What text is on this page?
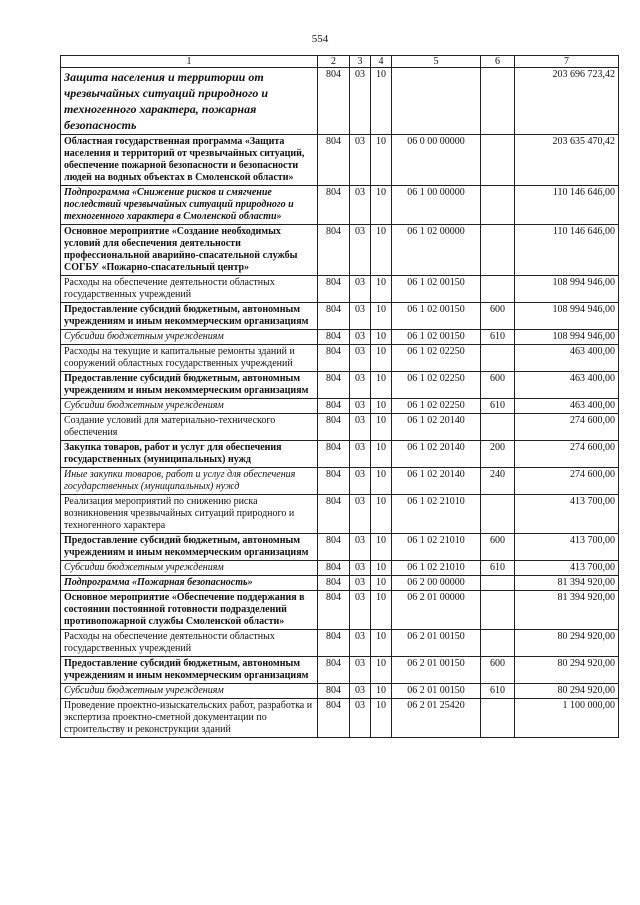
554
1	2	3	4	5	6	7
Защита населения и территории от чрезвычайных ситуаций природного и техногенного характера, пожарная безопасность	804	03	10			203 696 723,42
Областная государственная программа «Защита населения и территорий от чрезвычайных ситуаций, обеспечение пожарной безопасности и безопасности людей на водных объектах в Смоленской области»	804	03	10	06 0 00 00000		203 635 470,42
Подпрограмма «Снижение рисков и смягчение последствий чрезвычайных ситуаций природного и техногенного характера в Смоленской области»	804	03	10	06 1 00 00000		110 146 646,00
Основное мероприятие «Создание необходимых условий для обеспечения деятельности профессиональной аварийно-спасательной службы СОГБУ «Пожарно-спасательный центр»	804	03	10	06 1 02 00000		110 146 646,00
Расходы на обеспечение деятельности областных государственных учреждений	804	03	10	06 1 02 00150		108 994 946,00
Предоставление субсидий бюджетным, автономным учреждениям и иным некоммерческим организациям	804	03	10	06 1 02 00150	600	108 994 946,00
Субсидии бюджетным учреждениям	804	03	10	06 1 02 00150	610	108 994 946,00
Расходы на текущие и капитальные ремонты зданий и сооружений областных государственных учреждений	804	03	10	06 1 02 02250		463 400,00
Предоставление субсидий бюджетным, автономным учреждениям и иным некоммерческим организациям	804	03	10	06 1 02 02250	600	463 400,00
Субсидии бюджетным учреждениям	804	03	10	06 1 02 02250	610	463 400,00
Создание условий для материально-технического обеспечения	804	03	10	06 1 02 20140		274 600,00
Закупка товаров, работ и услуг для обеспечения государственных (муниципальных) нужд	804	03	10	06 1 02 20140	200	274 600,00
Иные закупки товаров, работ и услуг для обеспечения государственных (муниципальных) нужд	804	03	10	06 1 02 20140	240	274 600,00
Реализация мероприятий по снижению риска возникновения чрезвычайных ситуаций природного и техногенного характера	804	03	10	06 1 02 21010		413 700,00
Предоставление субсидий бюджетным, автономным учреждениям и иным некоммерческим организациям	804	03	10	06 1 02 21010	600	413 700,00
Субсидии бюджетным учреждениям	804	03	10	06 1 02 21010	610	413 700,00
Подпрограмма «Пожарная безопасность»	804	03	10	06 2 00 00000		81 394 920,00
Основное мероприятие «Обеспечение поддержания в состоянии постоянной готовности подразделений противопожарной службы Смоленской области»	804	03	10	06 2 01 00000		81 394 920,00
Расходы на обеспечение деятельности областных государственных учреждений	804	03	10	06 2 01 00150		80 294 920,00
Предоставление субсидий бюджетным, автономным учреждениям и иным некоммерческим организациям	804	03	10	06 2 01 00150	600	80 294 920,00
Субсидии бюджетным учреждениям	804	03	10	06 2 01 00150	610	80 294 920,00
Проведение проектно-изыскательских работ, разработка и экспертиза проектно-сметной документации по строительству и реконструкции зданий	804	03	10	06 2 01 25420		1 100 000,00
